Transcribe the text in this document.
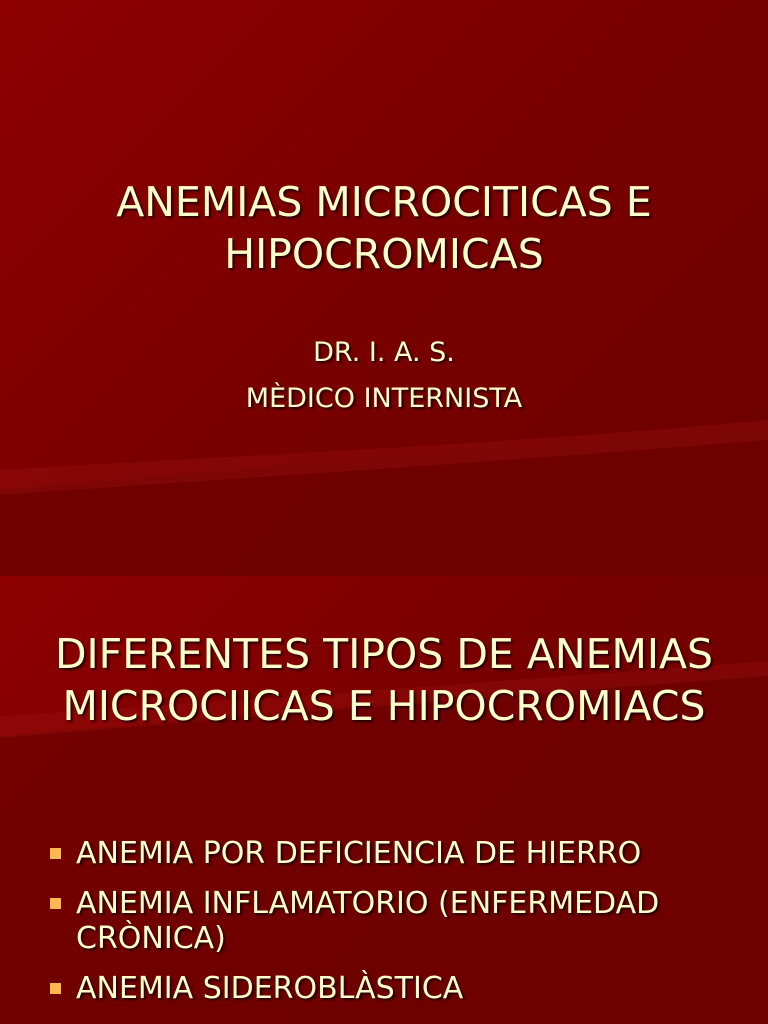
ANEMIAS MICROCITICAS E
HIPOCROMICAS
DR. I. A. S.
MÈDICO INTERNISTA
DIFERENTES TIPOS DE ANEMIAS
MICROCIICAS E HIPOCROMIACS
ANEMIA POR DEFICIENCIA DE HIERRO
ANEMIA INFLAMATORIO (ENFERMEDAD CRÒNICA)
ANEMIA SIDEROBLÀSTICA
